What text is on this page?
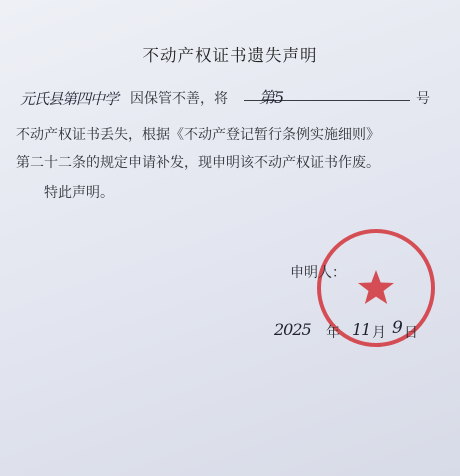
不动产权证书遗失声明
元氏县第四中学 因保管不善，将 第5	号
不动产权证书丢失，根据《不动产登记暂行条例实施细则》
第二十二条的规定申请补发，现申明该不动产权证书作废。
特此声明。
申明人：
2025 年 11 月 9 日
